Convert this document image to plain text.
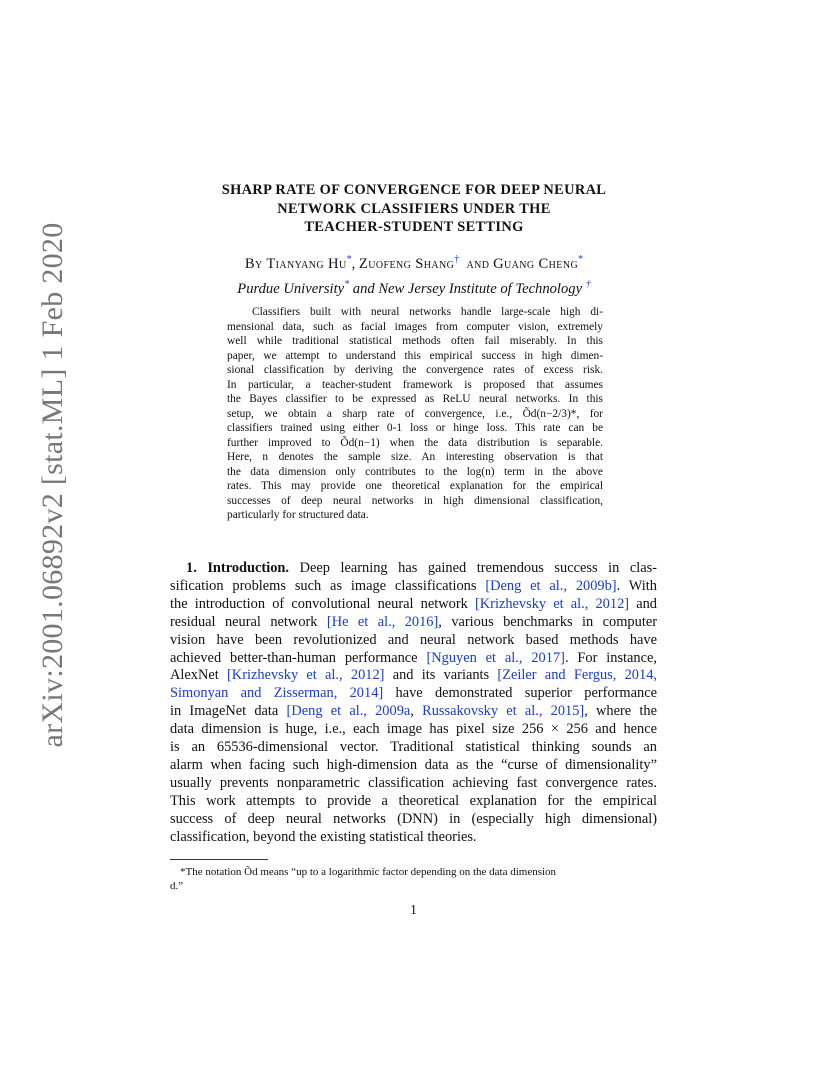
arXiv:2001.06892v2 [stat.ML] 1 Feb 2020
SHARP RATE OF CONVERGENCE FOR DEEP NEURAL
NETWORK CLASSIFIERS UNDER THE
TEACHER-STUDENT SETTING
By Tianyang Hu*, Zuofeng Shang† and Guang Cheng*
Purdue University* and New Jersey Institute of Technology †
Classifiers built with neural networks handle large-scale high di-
mensional data, such as facial images from computer vision, extremely
well while traditional statistical methods often fail miserably. In this
paper, we attempt to understand this empirical success in high dimen-
sional classification by deriving the convergence rates of excess risk.
In particular, a teacher-student framework is proposed that assumes
the Bayes classifier to be expressed as ReLU neural networks. In this
setup, we obtain a sharp rate of convergence, i.e., Õd(n−2/3)*, for
classifiers trained using either 0-1 loss or hinge loss. This rate can be
further improved to Õd(n−1) when the data distribution is separable.
Here, n denotes the sample size. An interesting observation is that
the data dimension only contributes to the log(n) term in the above
rates. This may provide one theoretical explanation for the empirical
successes of deep neural networks in high dimensional classification,
particularly for structured data.
1. Introduction. Deep learning has gained tremendous success in clas-
sification problems such as image classifications [Deng et al., 2009b]. With
the introduction of convolutional neural network [Krizhevsky et al., 2012] and
residual neural network [He et al., 2016], various benchmarks in computer
vision have been revolutionized and neural network based methods have
achieved better-than-human performance [Nguyen et al., 2017]. For instance,
AlexNet [Krizhevsky et al., 2012] and its variants [Zeiler and Fergus, 2014,
Simonyan and Zisserman, 2014] have demonstrated superior performance
in ImageNet data [Deng et al., 2009a, Russakovsky et al., 2015], where the
data dimension is huge, i.e., each image has pixel size 256 × 256 and hence
is an 65536-dimensional vector. Traditional statistical thinking sounds an
alarm when facing such high-dimension data as the “curse of dimensionality”
usually prevents nonparametric classification achieving fast convergence rates.
This work attempts to provide a theoretical explanation for the empirical
success of deep neural networks (DNN) in (especially high dimensional)
classification, beyond the existing statistical theories.
*The notation Õd means “up to a logarithmic factor depending on the data dimension
d.”
1
